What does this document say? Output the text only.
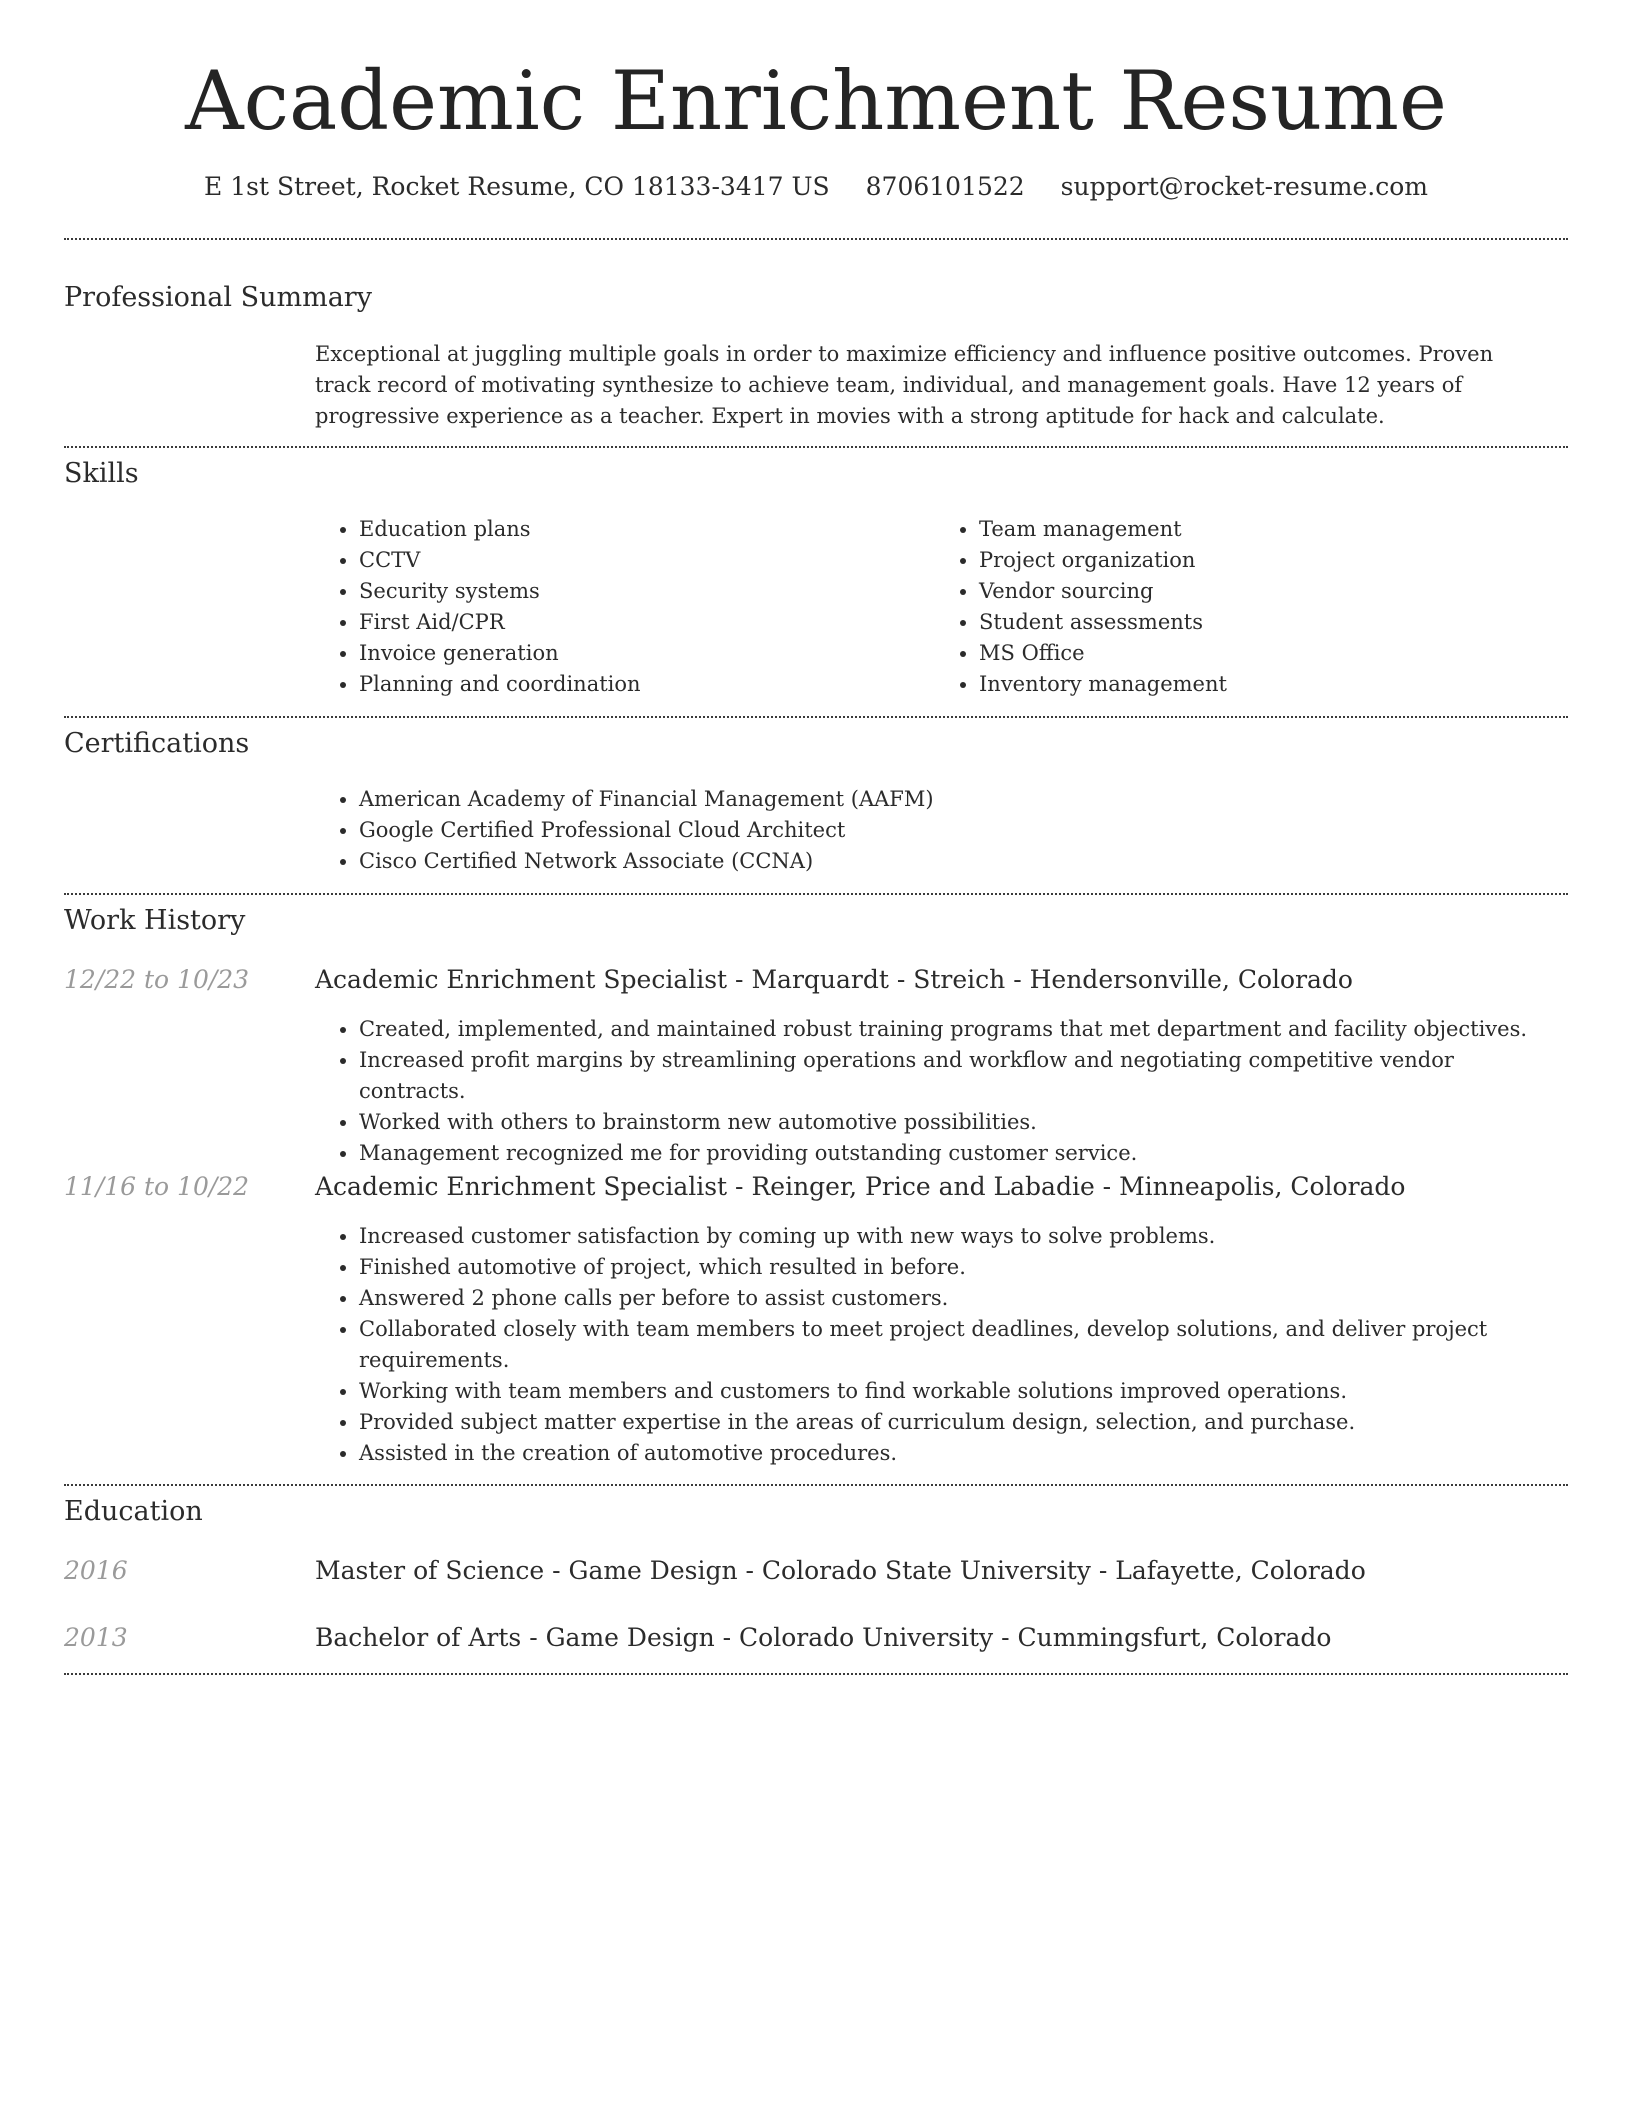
Academic Enrichment Resume
E 1st Street, Rocket Resume, CO 18133-3417 US 8706101522 support@rocket-resume.com
Professional Summary

Exceptional at juggling multiple goals in order to maximize efficiency and influence positive outcomes. Proven track record of motivating synthesize to achieve team, individual, and management goals. Have 12 years of progressive experience as a teacher. Expert in movies with a strong aptitude for hack and calculate.

Skills
• Education plans
• CCTV
• Security systems
• First Aid/CPR
• Invoice generation
• Planning and coordination
• Team management
• Project organization
• Vendor sourcing
• Student assessments
• MS Office
• Inventory management
Certifications
• American Academy of Financial Management (AAFM)
• Google Certified Professional Cloud Architect
• Cisco Certified Network Associate (CCNA)
Work History
12/22 to 10/23	Academic Enrichment Specialist - Marquardt - Streich - Hendersonville, Colorado
• Created, implemented, and maintained robust training programs that met department and facility objectives.
• Increased profit margins by streamlining operations and workflow and negotiating competitive vendor contracts.
• Worked with others to brainstorm new automotive possibilities.
• Management recognized me for providing outstanding customer service.
11/16 to 10/22	Academic Enrichment Specialist - Reinger, Price and Labadie - Minneapolis, Colorado
• Increased customer satisfaction by coming up with new ways to solve problems.
• Finished automotive of project, which resulted in before.
• Answered 2 phone calls per before to assist customers.
• Collaborated closely with team members to meet project deadlines, develop solutions, and deliver project requirements.
• Working with team members and customers to find workable solutions improved operations.
• Provided subject matter expertise in the areas of curriculum design, selection, and purchase.
• Assisted in the creation of automotive procedures.
Education
2016	Master of Science - Game Design - Colorado State University - Lafayette, Colorado
2013	Bachelor of Arts - Game Design - Colorado University - Cummingsfurt, Colorado
